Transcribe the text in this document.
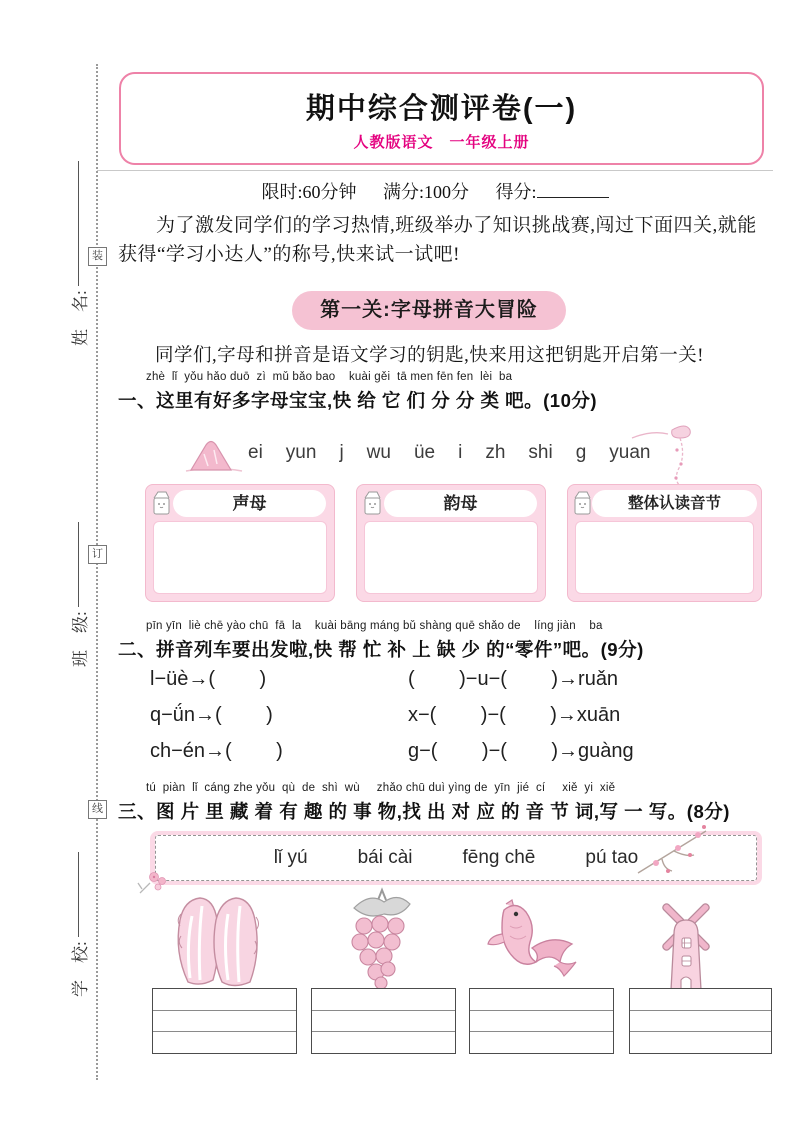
装
订
线
姓　名:
班　级:
学　校:
期中综合测评卷(一)
人教版语文　一年级上册
限时:60分钟 满分:100分 得分:
为了激发同学们的学习热情,班级举办了知识挑战赛,闯过下面四关,就能获得“学习小达人”的称号,快来试一试吧!
第一关:字母拼音大冒险
同学们,字母和拼音是语文学习的钥匙,快来用这把钥匙开启第一关!
zhè  lǐ  yǒu hǎo duō  zì  mǔ bǎo bao    kuài gěi  tā men fēn fen  lèi  ba
一、这里有好多字母宝宝,快 给 它 们 分 分 类 吧。(10分)
ei yun j wu üe i zh shi g yuan
声母	韵母	整体认读音节
pīn yīn  liè chē yào chū  fā  la    kuài bāng máng bǔ shàng quē shǎo de    líng jiàn    ba
二、拼音列车要出发啦,快 帮 忙 补 上 缺 少 的“零件”吧。(9分)
l−üè→(        )	(        )−u−(        )→ruǎn
q−ǘn→(        )	x−(        )−(        )→xuān
ch−én→(        )	g−(        )−(        )→guàng
tú  piàn  lǐ  cáng zhe yǒu  qù  de  shì  wù     zhǎo chū duì yìng de  yīn  jié  cí     xiě  yi  xiě
三、图 片 里 藏 着 有 趣 的 事 物,找 出 对 应 的 音 节 词,写 一 写。(8分)
lǐ yú	bái cài	fēng chē	pú tao
